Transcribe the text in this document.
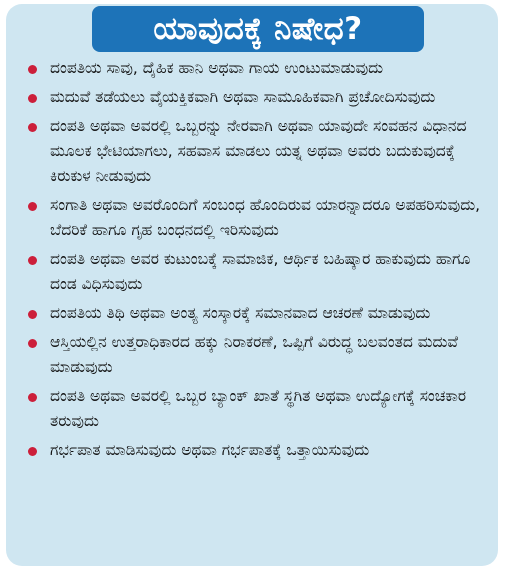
ಯಾವುದಕ್ಕೆ ನಿಷೇಧ?
ದಂಪತಿಯ ಸಾವು, ದೈಹಿಕ ಹಾನಿ ಅಥವಾ ಗಾಯ ಉಂಟುಮಾಡುವುದು
ಮದುವೆ ತಡೆಯಲು ವೈಯಕ್ತಿಕವಾಗಿ ಅಥವಾ ಸಾಮೂಹಿಕವಾಗಿ ಪ್ರಚೋದಿಸುವುದು
ದಂಪತಿ ಅಥವಾ ಅವರಲ್ಲಿ ಒಬ್ಬರನ್ನು ನೇರವಾಗಿ ಅಥವಾ ಯಾವುದೇ ಸಂವಹನ ವಿಧಾನದ ಮೂಲಕ ಭೇಟಿಯಾಗಲು, ಸಹವಾಸ ಮಾಡಲು ಯತ್ನ ಅಥವಾ ಅವರು ಬದುಕುವುದಕ್ಕೆ ಕಿರುಕುಳ ನೀಡುವುದು
ಸಂಗಾತಿ ಅಥವಾ ಅವರೊಂದಿಗೆ ಸಂಬಂಧ ಹೊಂದಿರುವ ಯಾರನ್ನಾದರೂ ಅಪಹರಿಸುವುದು, ಬೆದರಿಕೆ ಹಾಗೂ ಗೃಹ ಬಂಧನದಲ್ಲಿ ಇರಿಸುವುದು
ದಂಪತಿ ಅಥವಾ ಅವರ ಕುಟುಂಬಕ್ಕೆ ಸಾಮಾಜಿಕ, ಆರ್ಥಿಕ ಬಹಿಷ್ಕಾರ ಹಾಕುವುದು ಹಾಗೂ ದಂಡ ವಿಧಿಸುವುದು
ದಂಪತಿಯ ತಿಥಿ ಅಥವಾ ಅಂತ್ಯ ಸಂಸ್ಕಾರಕ್ಕೆ ಸಮಾನವಾದ ಆಚರಣೆ ಮಾಡುವುದು
ಆಸ್ತಿಯಲ್ಲಿನ ಉತ್ತರಾಧಿಕಾರದ ಹಕ್ಕು ನಿರಾಕರಣೆ, ಒಪ್ಪಿಗೆ ವಿರುದ್ಧ ಬಲವಂತದ ಮದುವೆ ಮಾಡುವುದು
ದಂಪತಿ ಅಥವಾ ಅವರಲ್ಲಿ ಒಬ್ಬರ ಬ್ಯಾಂಕ್ ಖಾತೆ ಸ್ಥಗಿತ ಅಥವಾ ಉದ್ಯೋಗಕ್ಕೆ ಸಂಚಕಾರ ತರುವುದು
ಗರ್ಭಪಾತ ಮಾಡಿಸುವುದು ಅಥವಾ ಗರ್ಭಪಾತಕ್ಕೆ ಒತ್ತಾಯಿಸುವುದು
